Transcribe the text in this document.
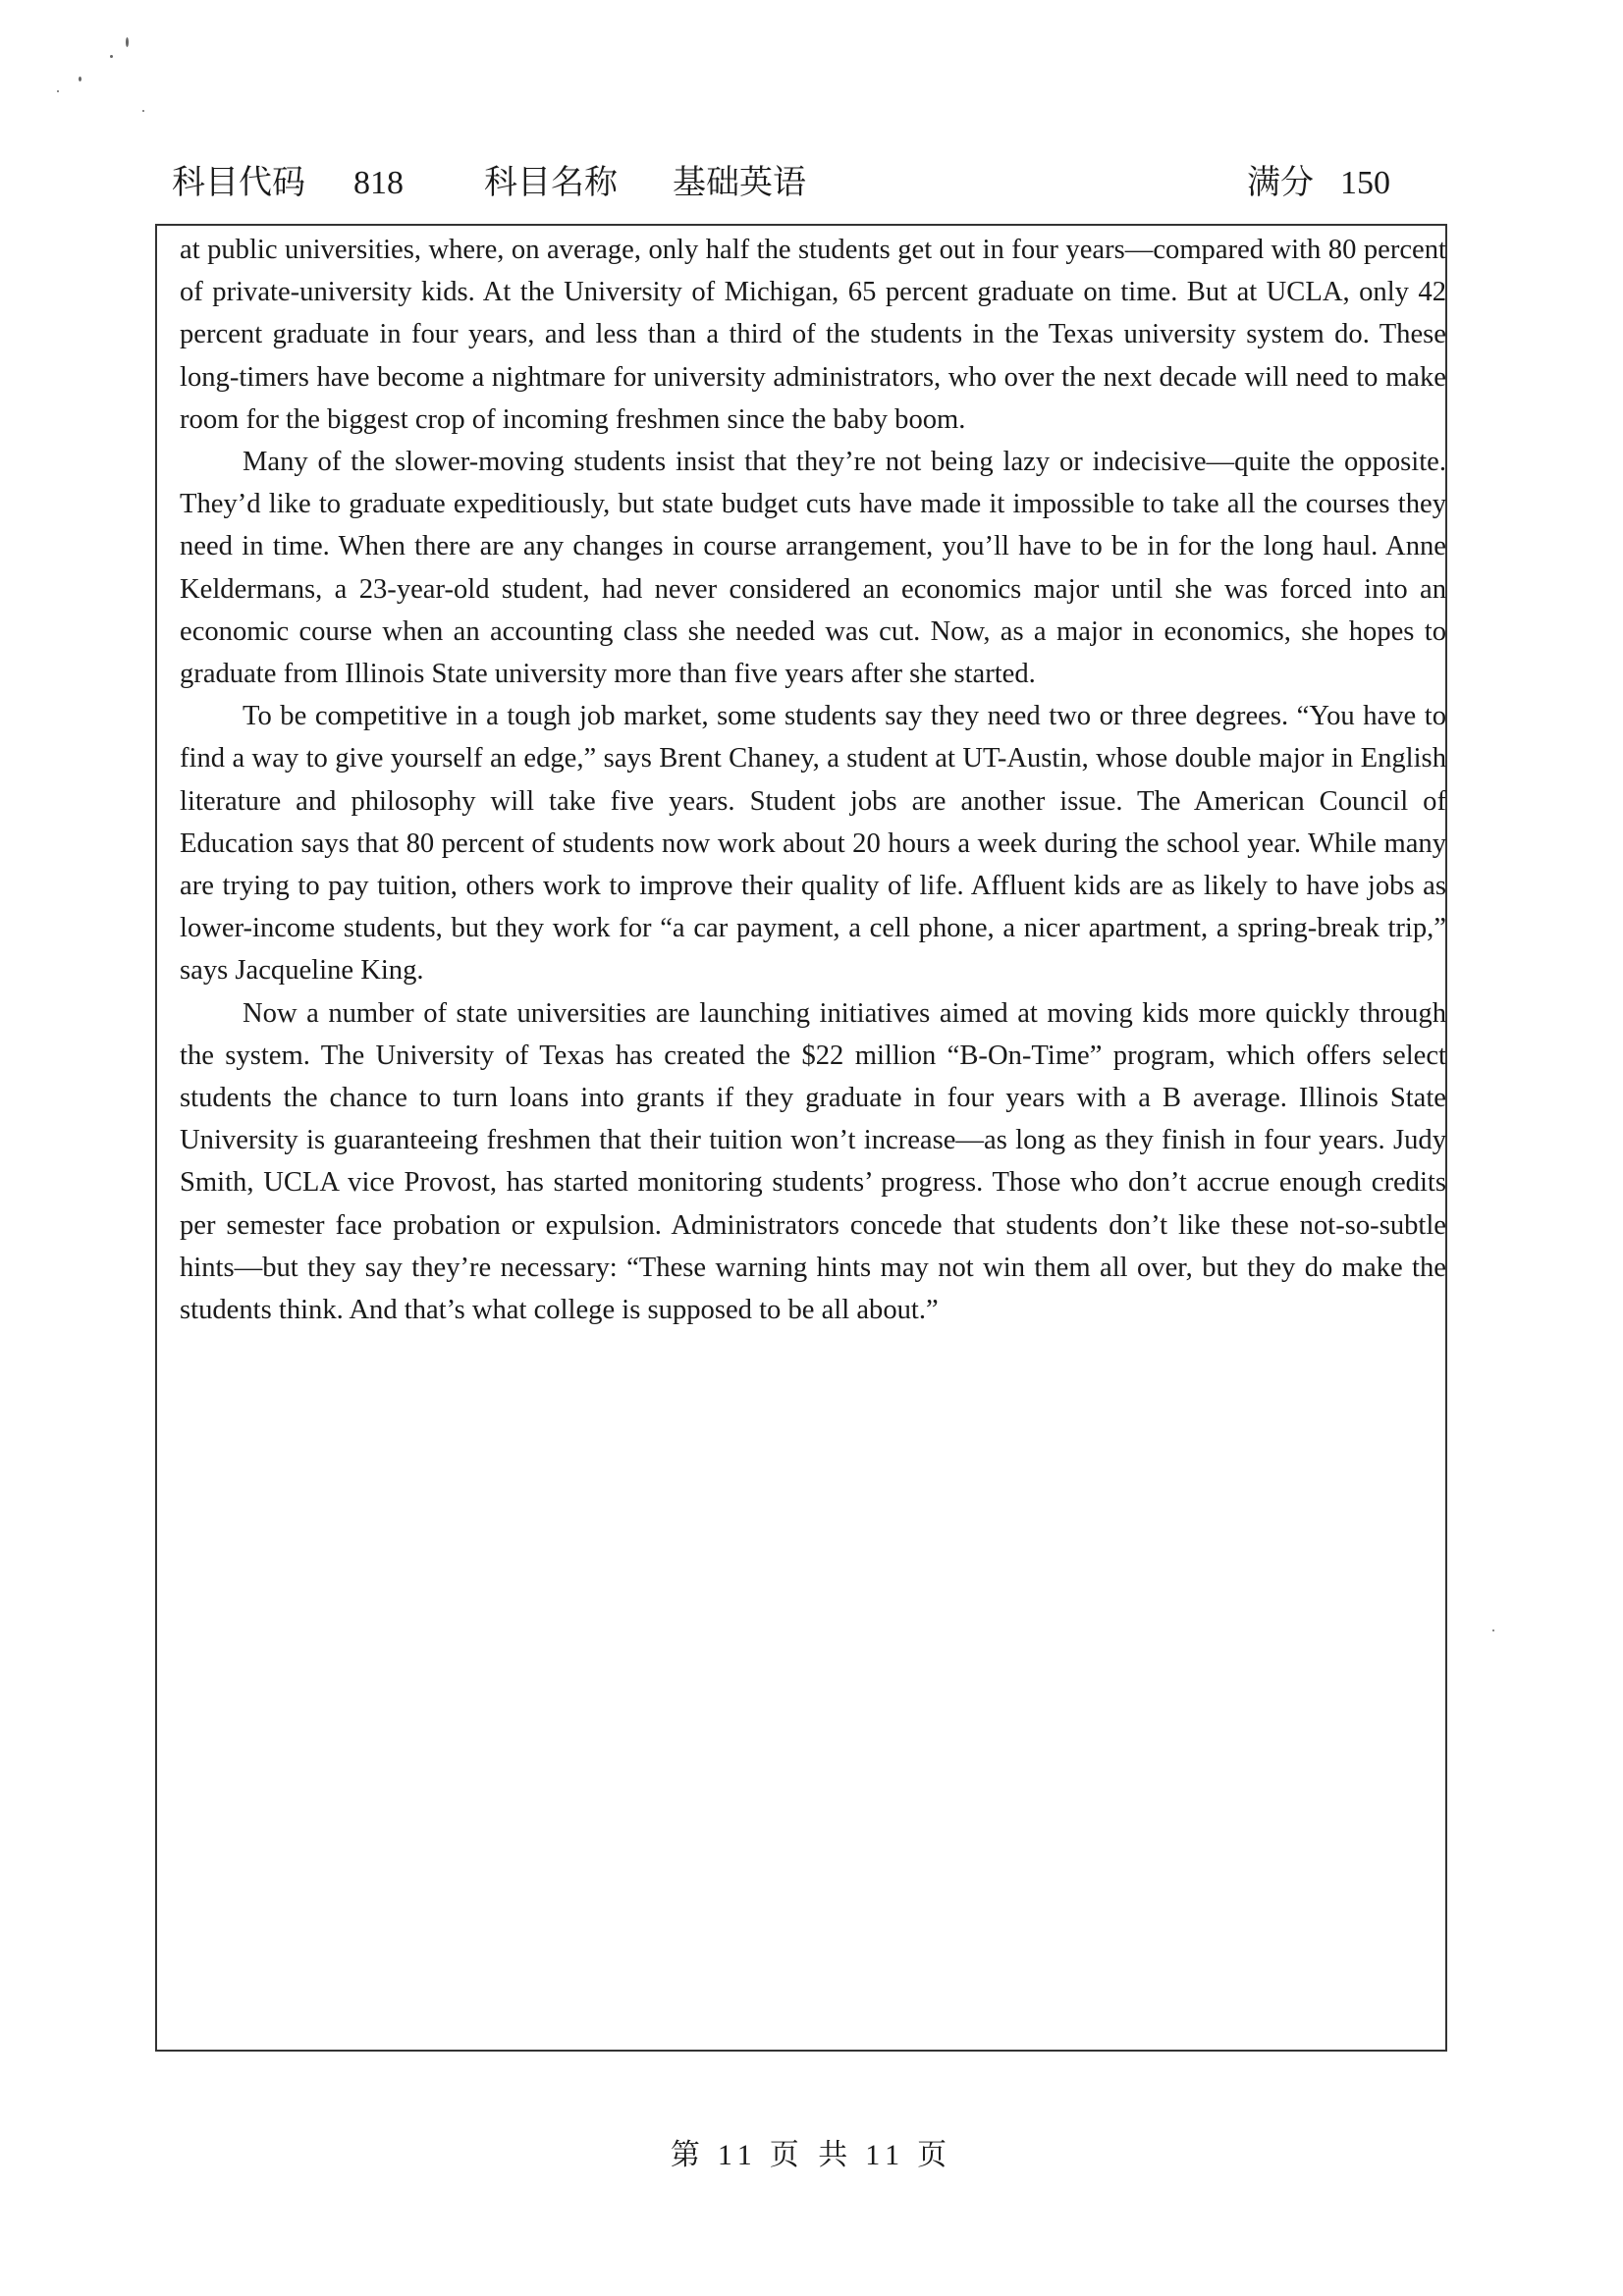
科目代码 818 科目名称 基础英语	满分 150

at public universities, where, on average, only half the students get out in four years—compared with 80 percent of private-university kids. At the University of Michigan, 65 percent graduate on time. But at UCLA, only 42 percent graduate in four years, and less than a third of the students in the Texas university system do. These long-timers have become a nightmare for university administrators, who over the next decade will need to make room for the biggest crop of incoming freshmen since the baby boom.

Many of the slower-moving students insist that they’re not being lazy or indecisive—quite the opposite. They’d like to graduate expeditiously, but state budget cuts have made it impossible to take all the courses they need in time. When there are any changes in course arrangement, you’ll have to be in for the long haul. Anne Keldermans, a 23-year-old student, had never considered an economics major until she was forced into an economic course when an accounting class she needed was cut. Now, as a major in economics, she hopes to graduate from Illinois State university more than five years after she started.

To be competitive in a tough job market, some students say they need two or three degrees. “You have to find a way to give yourself an edge,” says Brent Chaney, a student at UT-Austin, whose double major in English literature and philosophy will take five years. Student jobs are another issue. The American Council of Education says that 80 percent of students now work about 20 hours a week during the school year. While many are trying to pay tuition, others work to improve their quality of life. Affluent kids are as likely to have jobs as lower-income students, but they work for “a car payment, a cell phone, a nicer apartment, a spring-break trip,” says Jacqueline King.

Now a number of state universities are launching initiatives aimed at moving kids more quickly through the system. The University of Texas has created the $22 million “B-On-Time” program, which offers select students the chance to turn loans into grants if they graduate in four years with a B average. Illinois State University is guaranteeing freshmen that their tuition won’t increase—as long as they finish in four years. Judy Smith, UCLA vice Provost, has started monitoring students’ progress. Those who don’t accrue enough credits per semester face probation or expulsion. Administrators concede that students don’t like these not-so-subtle hints—but they say they’re necessary: “These warning hints may not win them all over, but they do make the students think. And that’s what college is supposed to be all about.”

第 11 页 共 11 页
